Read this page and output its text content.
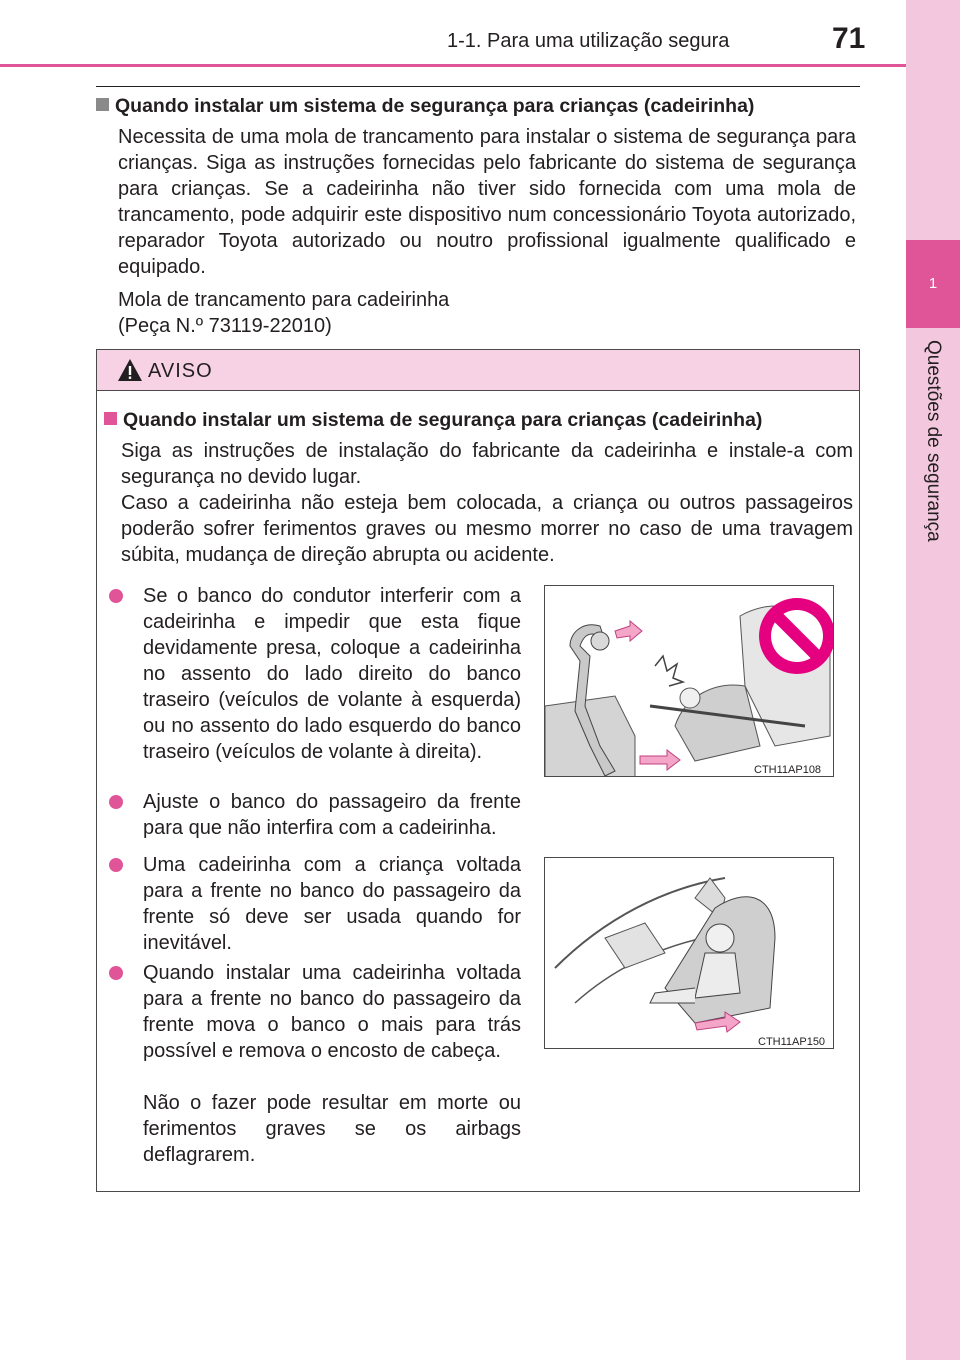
1-1. Para uma utilização segura	71
1
Questões de segurança
Quando instalar um sistema de segurança para crianças (cadeirinha)
Necessita de uma mola de trancamento para instalar o sistema de segurança para crianças. Siga as instruções fornecidas pelo fabricante do sistema de segurança para crianças. Se a cadeirinha não tiver sido fornecida com uma mola de trancamento, pode adquirir este dispositivo num concessionário Toyota autorizado, reparador Toyota autorizado ou noutro profissional igualmente qualificado e equipado.
Mola de trancamento para cadeirinha
(Peça N.º 73119-22010)
AVISO
Quando instalar um sistema de segurança para crianças (cadeirinha)
Siga as instruções de instalação do fabricante da cadeirinha e instale-a com segurança no devido lugar.
Caso a cadeirinha não esteja bem colocada, a criança ou outros passageiros poderão sofrer ferimentos graves ou mesmo morrer no caso de uma travagem súbita, mudança de direção abrupta ou acidente.
Se o banco do condutor interferir com a cadeirinha e impedir que esta fique devidamente presa, coloque a cadeirinha no assento do lado direito do banco traseiro (veículos de volante à esquerda) ou no assento do lado esquerdo do banco traseiro (veículos de volante à direita).
Ajuste o banco do passageiro da frente para que não interfira com a cadeirinha.
Uma cadeirinha com a criança voltada para a frente no banco do passageiro da frente só deve ser usada quando for inevitável.
Quando instalar uma cadeirinha voltada para a frente no banco do passageiro da frente mova o banco o mais para trás possível e remova o encosto de cabeça.
Não o fazer pode resultar em morte ou ferimentos graves se os airbags deflagrarem.
CTH11AP108
CTH11AP150
